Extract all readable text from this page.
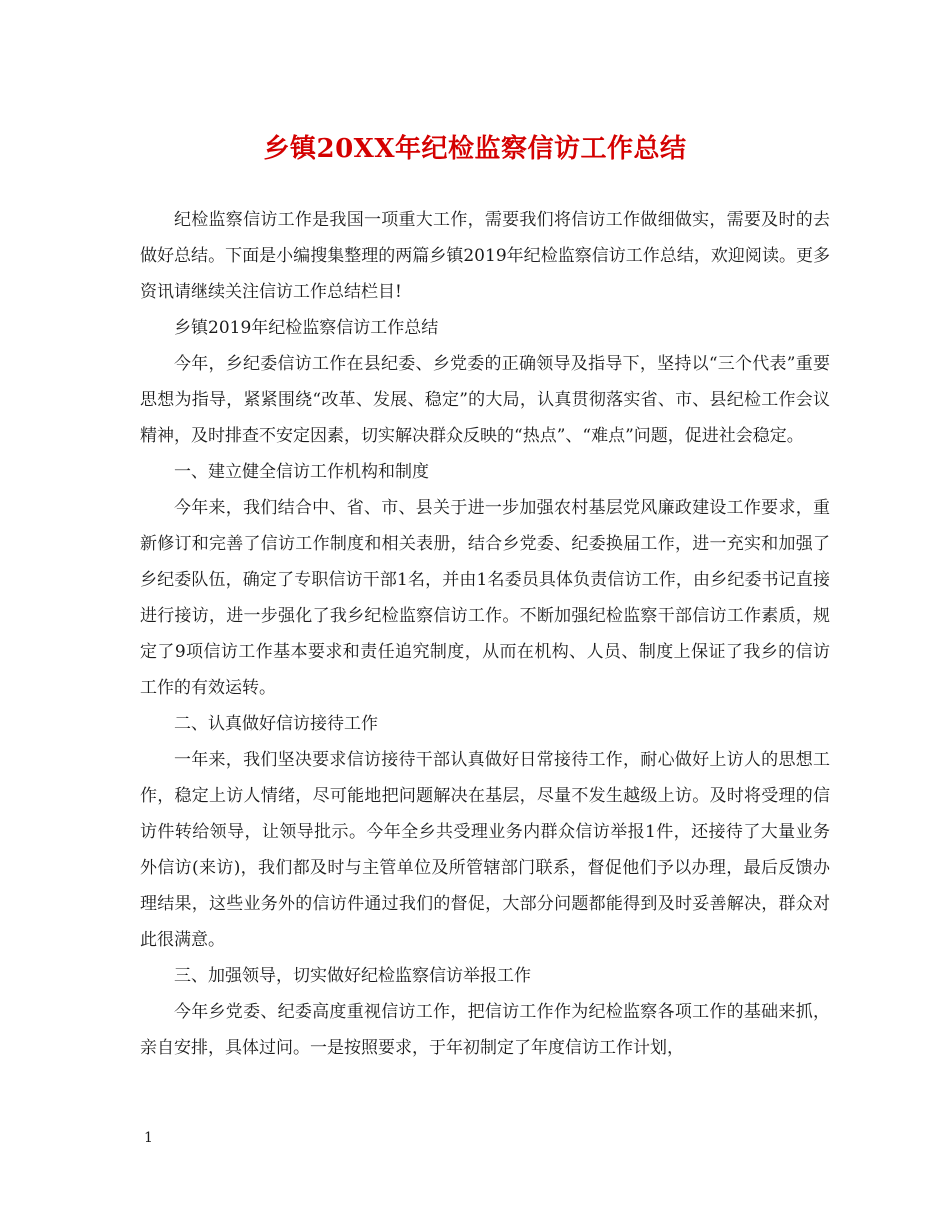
乡镇20XX年纪检监察信访工作总结

纪检监察信访工作是我国一项重大工作，需要我们将信访工作做细做实，需要及时的去做好总结。下面是小编搜集整理的两篇乡镇2019年纪检监察信访工作总结，欢迎阅读。更多资讯请继续关注信访工作总结栏目!

乡镇2019年纪检监察信访工作总结

今年，乡纪委信访工作在县纪委、乡党委的正确领导及指导下，坚持以“三个代表”重要思想为指导，紧紧围绕“改革、发展、稳定”的大局，认真贯彻落实省、市、县纪检工作会议精神，及时排查不安定因素，切实解决群众反映的“热点”、“难点”问题，促进社会稳定。

一、建立健全信访工作机构和制度

今年来，我们结合中、省、市、县关于进一步加强农村基层党风廉政建设工作要求，重新修订和完善了信访工作制度和相关表册，结合乡党委、纪委换届工作，进一充实和加强了乡纪委队伍，确定了专职信访干部1名，并由1名委员具体负责信访工作，由乡纪委书记直接进行接访，进一步强化了我乡纪检监察信访工作。不断加强纪检监察干部信访工作素质，规定了9项信访工作基本要求和责任追究制度，从而在机构、人员、制度上保证了我乡的信访工作的有效运转。

二、认真做好信访接待工作

一年来，我们坚决要求信访接待干部认真做好日常接待工作，耐心做好上访人的思想工作，稳定上访人情绪，尽可能地把问题解决在基层，尽量不发生越级上访。及时将受理的信访件转给领导，让领导批示。今年全乡共受理业务内群众信访举报1件，还接待了大量业务外信访(来访)，我们都及时与主管单位及所管辖部门联系，督促他们予以办理，最后反馈办理结果，这些业务外的信访件通过我们的督促，大部分问题都能得到及时妥善解决，群众对此很满意。

三、加强领导，切实做好纪检监察信访举报工作

今年乡党委、纪委高度重视信访工作，把信访工作作为纪检监察各项工作的基础来抓，亲自安排，具体过问。一是按照要求，于年初制定了年度信访工作计划，

1
